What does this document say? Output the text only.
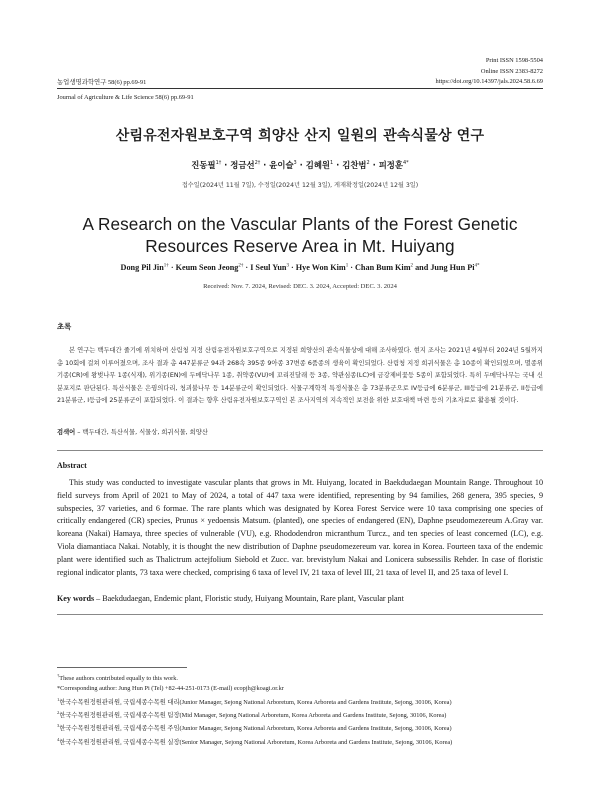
Print ISSN 1598-5504
Online ISSN 2383-8272
https://doi.org/10.14397/jals.2024.58.6.69
농업생명과학연구 58(6) pp.69-91
Journal of Agriculture & Life Science 58(6) pp.69-91
산림유전자원보호구역 희양산 산지 일원의 관속식물상 연구
진동필$^{1\dagger}$ · 정금선$^{2\dagger}$ · 윤이슬$^3$ · 김혜원$^1$ · 김찬범$^2$ · 피정훈$^{4*}$
접수일(2024년 11월 7일), 수정일(2024년 12월 3일), 게재확정일(2024년 12월 3일)
A Research on the Vascular Plants of the Forest Genetic Resources Reserve Area in Mt. Huiyang
Dong Pil Jin$^{1\dagger}$ · Keum Seon Jeong$^{2\dagger}$ · I Seul Yun$^3$ · Hye Won Kim$^1$ · Chan Bum Kim$^2$ and Jung Hun $Pi^{4*}$
Received: Nov. 7. 2024, Revised: DEC. 3. 2024, Accepted: DEC. 3. 2024
초록
본 연구는 백두대간 줄기에 위치하며 산림청 지정 산림유전자원보호구역으로 지정된 희양산의 관속식물상에 대해 조사하였다. 현지 조사는 2021년 4월부터 2024년 5월까지 총 10회에 걸쳐 이루어졌으며, 조사 결과 총 447분류군 94과 268속 395종 9아종 37변종 6품종의 생육이 확인되었다. 산림청 지정 희귀식물은 총 10종이 확인되었으며, 멸종위기종(CR)에 왕벚나무 1종(식재), 위기종(EN)에 두메닥나무 1종, 취약종(VU)에 꼬리진달래 등 3종, 약관심종(LC)에 금강제비꽃등 5종이 포함되었다. 특히 두메닥나무는 국내 신분포지로 판단된다. 특산식물은 은꿩의다리, 청괴불나무 등 14분류군이 확인되었다. 식물구계학적 특정식물은 총 73분류군으로 IV등급에 6분류군, III등급에 21분류군, II등급에 21분류군, I등급에 25분류군이 포함되었다. 이 결과는 향후 산림유전자원보호구역인 본 조사지역의 지속적인 보전을 위한 보호대책 마련 등의 기초자료로 활용될 것이다.
검색어 – 백두대간, 특산식물, 식물상, 희귀식물, 희양산
Abstract
This study was conducted to investigate vascular plants that grows in Mt. Huiyang, located in Baekdudaegan Mountain Range. Throughout 10 field surveys from April of 2021 to May of 2024, a total of 447 taxa were identified, representing by 94 families, 268 genera, 395 species, 9 subspecies, 37 varieties, and 6 formae. The rare plants which was designated by Korea Forest Service were 10 taxa comprising one species of critically endangered (CR) species, Prunus × yedoensis Matsum. (planted), one species of endangered (EN), Daphne pseudomezereum A.Gray var. koreana (Nakai) Hamaya, three species of vulnerable (VU), e.g. Rhododendron micranthum Turcz., and ten species of least concerned (LC), e.g. Viola diamantiaca Nakai. Notably, it is thought the new distribution of Daphne pseudomezereum var. korea in Korea. Fourteen taxa of the endemic plant were identified such as Thalictrum actejfolium Siebold et Zucc. var. brevistylum Nakai and Lonicera subsessilis Rehder. In case of floristic regional indicator plants, 73 taxa were checked, comprising 6 taxa of level IV, 21 taxa of level III, 21 taxa of level II, and 25 taxa of level I.
Key words – Baekdudaegan, Endemic plant, Floristic study, Huiyang Mountain, Rare plant, Vascular plant
†These authors contributed equally to this work.
*Corresponding author: Jung Hun Pi (Tel) +82-44-251-0173 (E-mail) ecopjh@koagi.or.kr
$^1$한국수목원정원관리원, 국립세종수목원 대리(Junior Manager, Sejong National Arboretum, Korea Arboreta and Gardens Institute, Sejong, 30106, Korea)
$^2$한국수목원정원관리원, 국립세종수목원 팀장(Mid Manager, Sejong National Arboretum, Korea Arboreta and Gardens Institute, Sejong, 30106, Korea)
$^3$한국수목원정원관리원, 국립세종수목원 주임(Junior Manager, Sejong National Arboretum, Korea Arboreta and Gardens Institute, Sejong, 30106, Korea)
$^4$한국수목원정원관리원, 국립세종수목원 실장(Senior Manager, Sejong National Arboretum, Korea Arboreta and Gardens Institute, Sejong, 30106, Korea)
